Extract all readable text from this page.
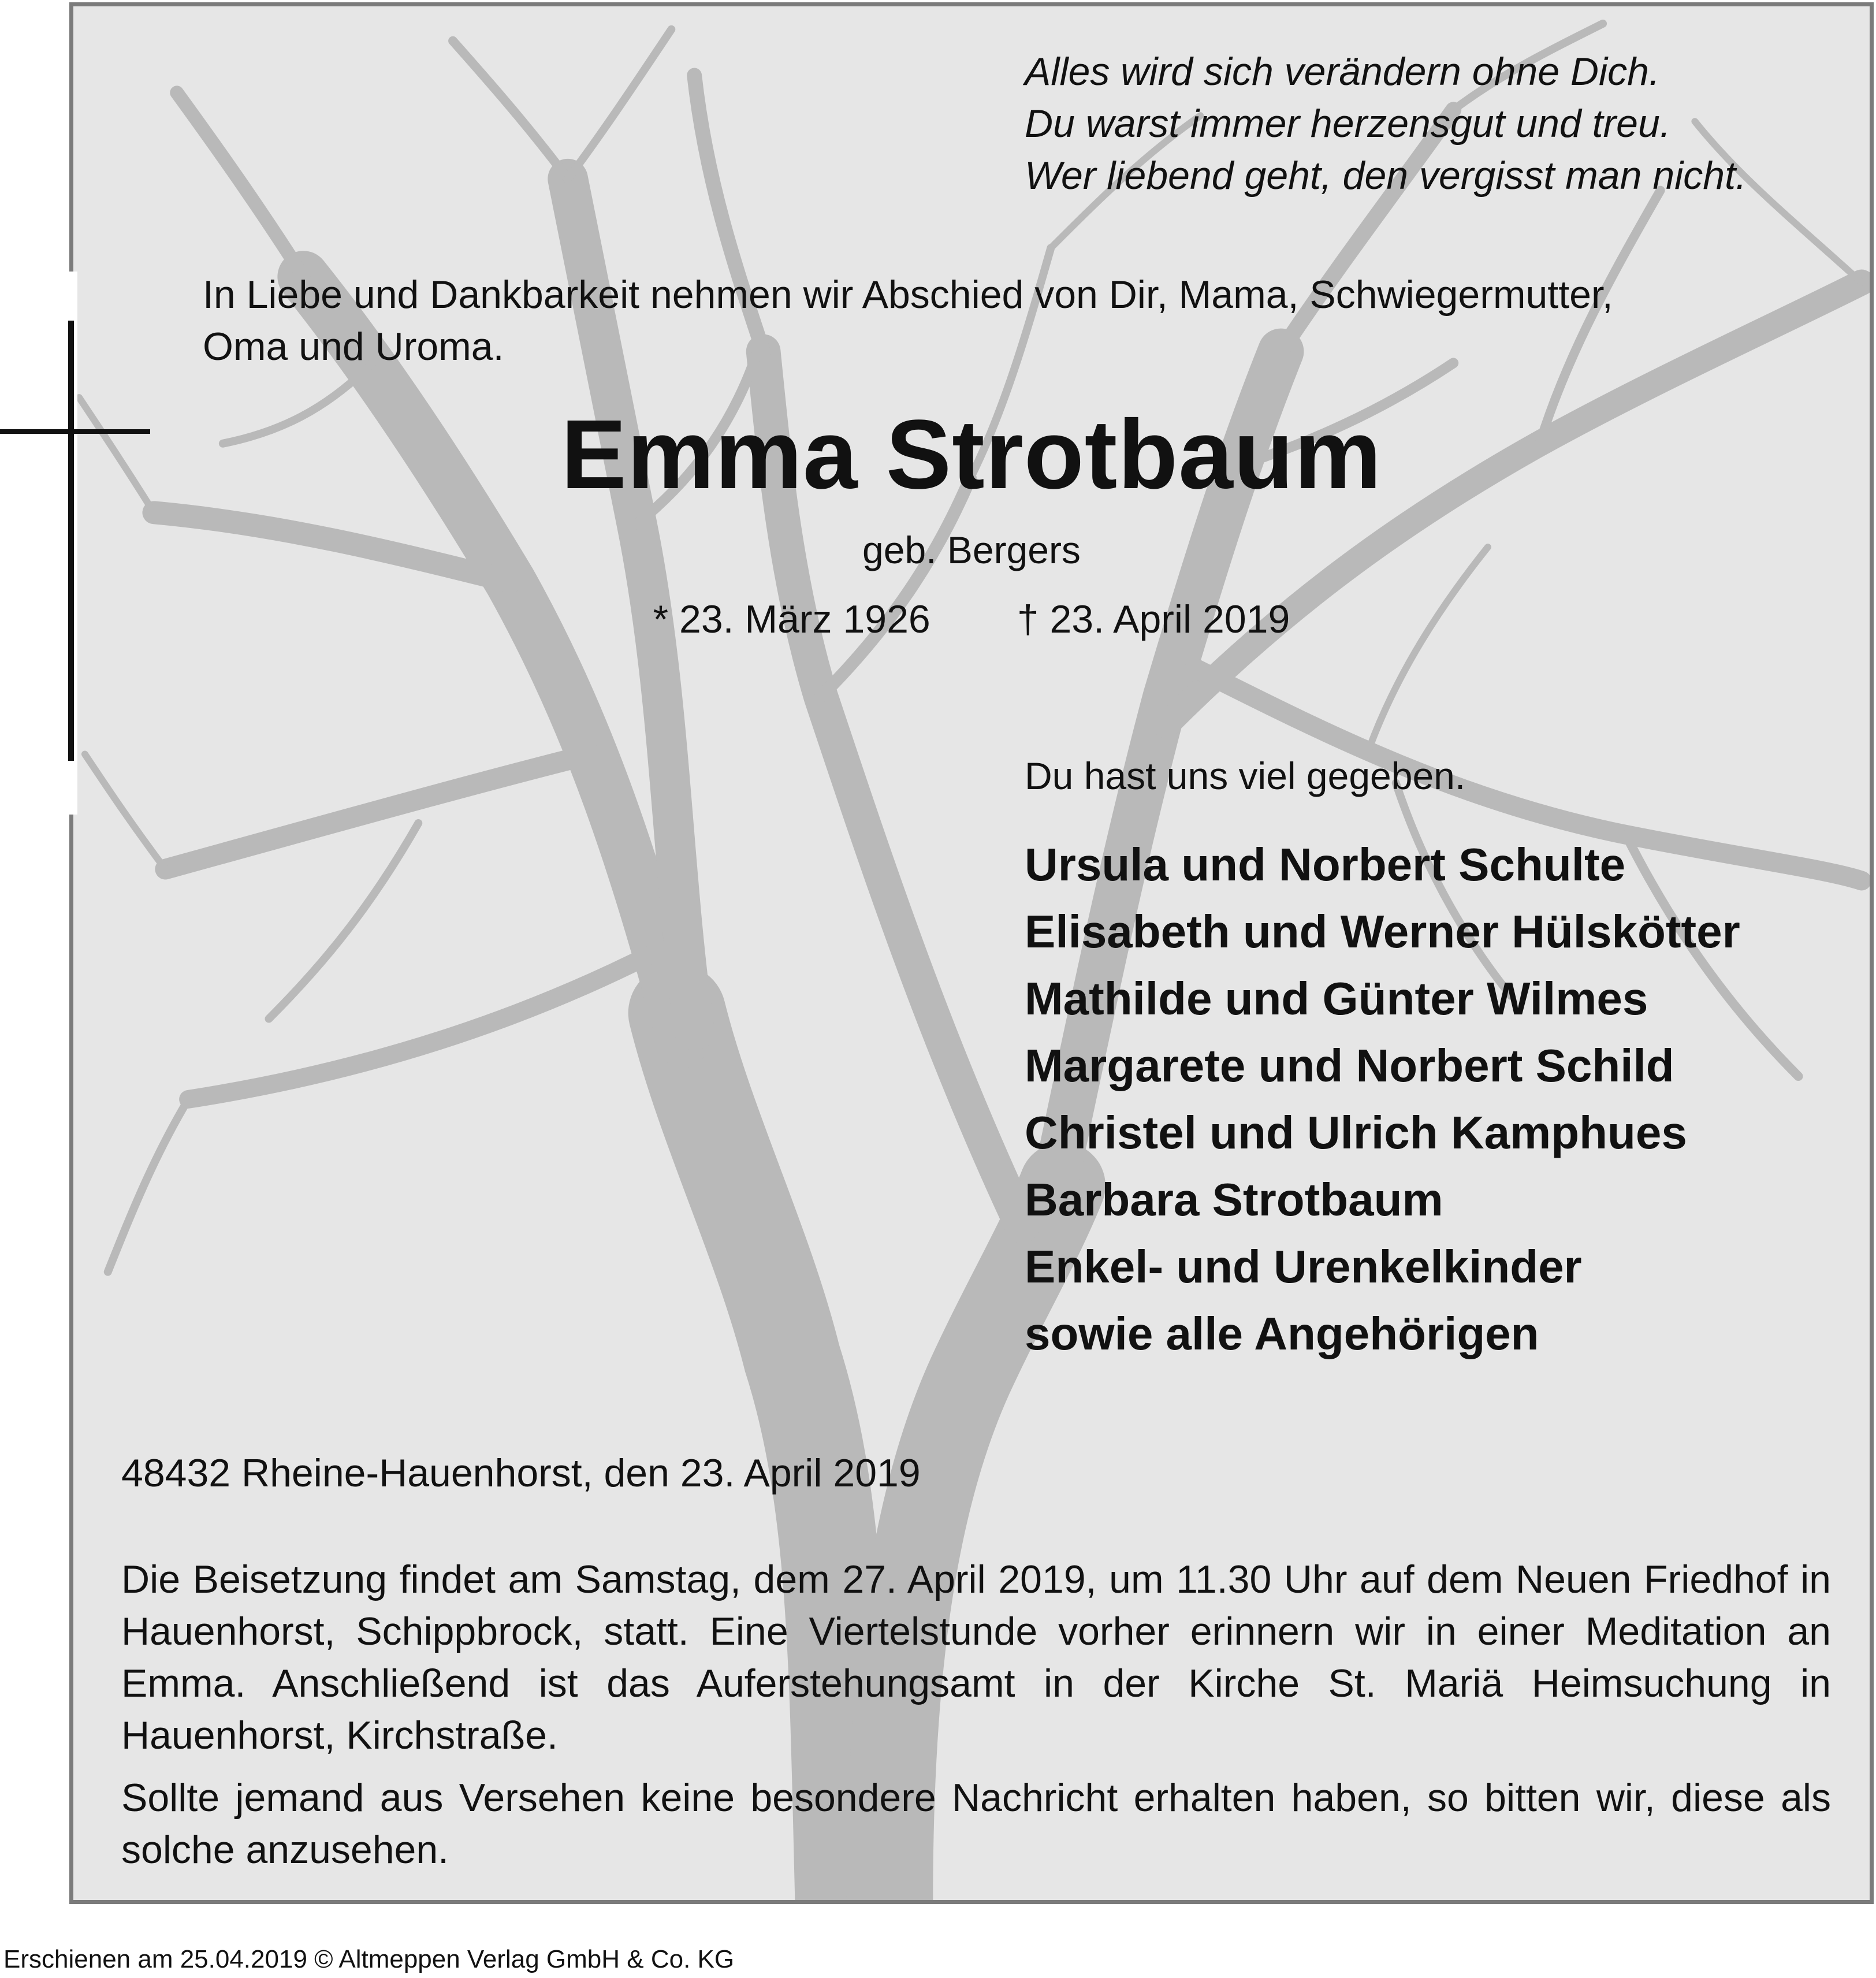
Alles wird sich verändern ohne Dich.
Du warst immer herzensgut und treu.
Wer liebend geht, den vergisst man nicht.

In Liebe und Dankbarkeit nehmen wir Abschied von Dir, Mama, Schwiegermutter,
Oma und Uroma.

Emma Strotbaum

geb. Bergers

* 23. März 1926 † 23. April 2019

Du hast uns viel gegeben.

Ursula und Norbert Schulte
Elisabeth und Werner Hülskötter
Mathilde und Günter Wilmes
Margarete und Norbert Schild
Christel und Ulrich Kamphues
Barbara Strotbaum
Enkel- und Urenkelkinder
sowie alle Angehörigen

48432 Rheine-Hauenhorst, den 23. April 2019

Die Beisetzung findet am Samstag, dem 27. April 2019, um 11.30 Uhr auf dem Neuen Friedhof in Hauenhorst, Schippbrock, statt. Eine Viertelstunde vorher erinnern wir in einer Meditation an Emma. Anschließend ist das Auferstehungsamt in der Kirche St. Mariä Heimsuchung in Hauenhorst, Kirchstraße.

Sollte jemand aus Versehen keine besondere Nachricht erhalten haben, so bitten wir, diese als solche anzusehen.

Erschienen am 25.04.2019 © Altmeppen Verlag GmbH & Co. KG
